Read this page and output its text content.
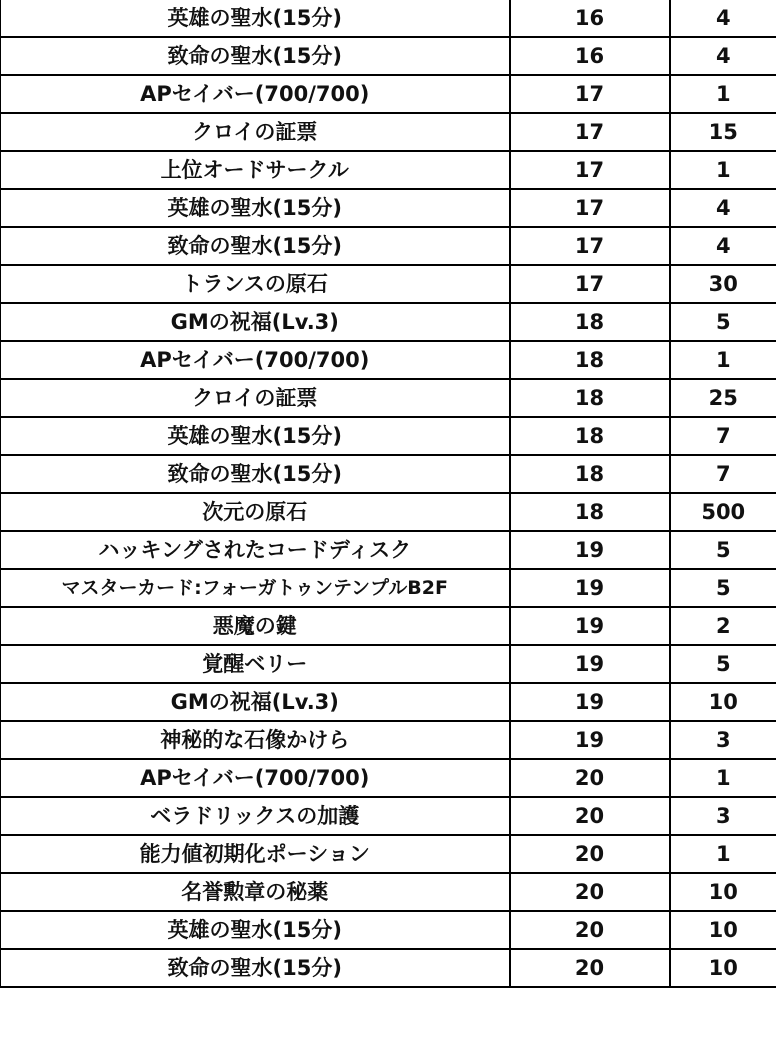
英雄の聖水(15分)	16	4
致命の聖水(15分)	16	4
APセイバー(700/700)	17	1
クロイの証票	17	15
上位オードサークル	17	1
英雄の聖水(15分)	17	4
致命の聖水(15分)	17	4
トランスの原石	17	30
GMの祝福(Lv.3)	18	5
APセイバー(700/700)	18	1
クロイの証票	18	25
英雄の聖水(15分)	18	7
致命の聖水(15分)	18	7
次元の原石	18	500
ハッキングされたコードディスク	19	5
マスターカード:フォーガトゥンテンプルB2F	19	5
悪魔の鍵	19	2
覚醒ベリー	19	5
GMの祝福(Lv.3)	19	10
神秘的な石像かけら	19	3
APセイバー(700/700)	20	1
ベラドリックスの加護	20	3
能力値初期化ポーション	20	1
名誉勲章の秘薬	20	10
英雄の聖水(15分)	20	10
致命の聖水(15分)	20	10
